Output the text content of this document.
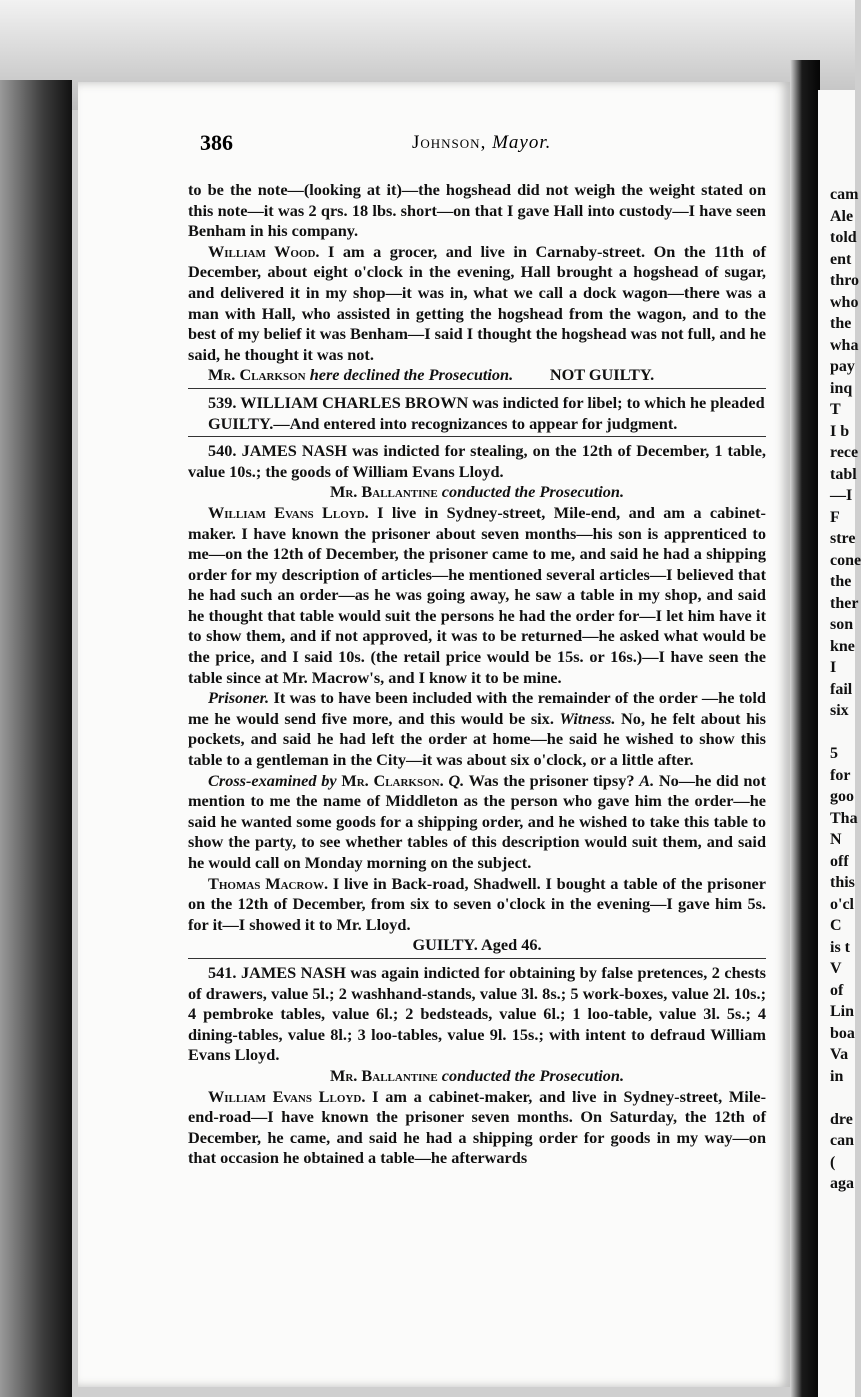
cam
Ale
told
ent
thro
who
the
wha
pay
inq
T
I b
rece
tabl
—I
F
stre
cone
the
ther
son
kne
I
fail
six
5
for
goo
Tha
N
off
this
o'cl
C
is t
V
of
Lin
boa
Va
in
dre
can
(
aga
386	Johnson, Mayor.
to be the note—(looking at it)—the hogshead did not weigh the weight stated on this note—it was 2 qrs. 18 lbs. short—on that I gave Hall into custody—I have seen Benham in his company.
William Wood. I am a grocer, and live in Carnaby-street. On the 11th of December, about eight o'clock in the evening, Hall brought a hogshead of sugar, and delivered it in my shop—it was in, what we call a dock wagon—there was a man with Hall, who assisted in getting the hogshead from the wagon, and to the best of my belief it was Benham—I said I thought the hogshead was not full, and he said, he thought it was not.
Mr. Clarkson here declined the Prosecution. NOT GUILTY.
539. WILLIAM CHARLES BROWN was indicted for libel; to which he pleaded
GUILTY.—And entered into recognizances to appear for judgment.
540. JAMES NASH was indicted for stealing, on the 12th of December, 1 table, value 10s.; the goods of William Evans Lloyd.
Mr. Ballantine conducted the Prosecution.
William Evans Lloyd. I live in Sydney-street, Mile-end, and am a cabinet-maker. I have known the prisoner about seven months—his son is apprenticed to me—on the 12th of December, the prisoner came to me, and said he had a shipping order for my description of articles—he mentioned several articles—I believed that he had such an order—as he was going away, he saw a table in my shop, and said he thought that table would suit the persons he had the order for—I let him have it to show them, and if not approved, it was to be returned—he asked what would be the price, and I said 10s. (the retail price would be 15s. or 16s.)—I have seen the table since at Mr. Macrow's, and I know it to be mine.
Prisoner. It was to have been included with the remainder of the order —he told me he would send five more, and this would be six. Witness. No, he felt about his pockets, and said he had left the order at home—he said he wished to show this table to a gentleman in the City—it was about six o'clock, or a little after.
Cross-examined by Mr. Clarkson. Q. Was the prisoner tipsy? A. No—he did not mention to me the name of Middleton as the person who gave him the order—he said he wanted some goods for a shipping order, and he wished to take this table to show the party, to see whether tables of this description would suit them, and said he would call on Monday morning on the subject.
Thomas Macrow. I live in Back-road, Shadwell. I bought a table of the prisoner on the 12th of December, from six to seven o'clock in the evening—I gave him 5s. for it—I showed it to Mr. Lloyd.
GUILTY. Aged 46.
541. JAMES NASH was again indicted for obtaining by false pretences, 2 chests of drawers, value 5l.; 2 washhand-stands, value 3l. 8s.; 5 work-boxes, value 2l. 10s.; 4 pembroke tables, value 6l.; 2 bedsteads, value 6l.; 1 loo-table, value 3l. 5s.; 4 dining-tables, value 8l.; 3 loo-tables, value 9l. 15s.; with intent to defraud William Evans Lloyd.
Mr. Ballantine conducted the Prosecution.
William Evans Lloyd. I am a cabinet-maker, and live in Sydney-street, Mile-end-road—I have known the prisoner seven months. On Saturday, the 12th of December, he came, and said he had a shipping order for goods in my way—on that occasion he obtained a table—he afterwards
